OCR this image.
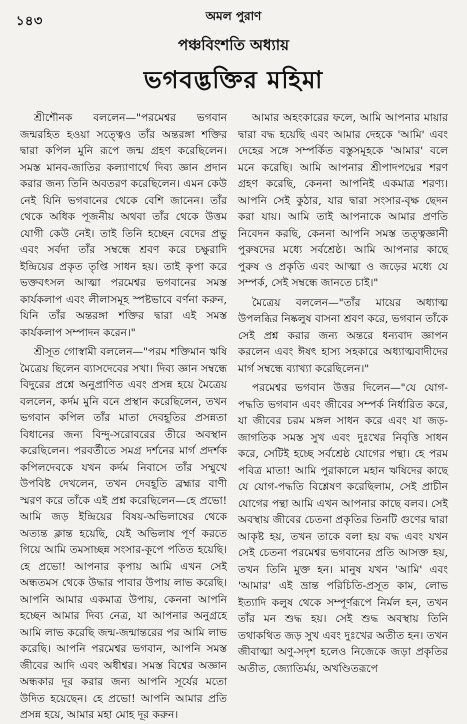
১৪৩	অমল পুরাণ
পঞ্চবিংশতি অধ্যায়
ভগবদ্ভক্তির মহিমা

শ্রীশৌনক বললেন—"পরমেশ্বর ভগবান জন্মরহিত হওয়া সত্ত্বেও তাঁর অন্তরঙ্গা শক্তির দ্বারা কপিল মুনি রূপে জন্ম গ্রহণ করেছিলেন। সমস্ত মানব-জাতির কল্যাণার্থে দিব্য জ্ঞান প্রদান করার জন্য তিনি অবতরণ করেছিলেন। এমন কেউ নেই যিনি ভগবানের থেকে বেশি জানেন। তাঁর থেকে অধিক পূজনীয় অথবা তাঁর থেকে উত্তম যোগী কেউ নেই। তাই তিনি হচ্ছেন বেদের প্রভু এবং সর্বদা তাঁর সম্বন্ধে শ্রবণ করে চক্ষুরাদি ইন্দ্রিয়ের প্রকৃত তৃপ্তি সাধন হয়। তাই কৃপা করে ভক্তবৎসল আত্মা পরমেশ্বর ভগবানের সমস্ত কার্যকলাপ এবং লীলাসমূহ স্পষ্টভাবে বর্ণনা করুন, যিনি তাঁর অন্তরঙ্গা শক্তির দ্বারা এই সমস্ত কার্যকলাপ সম্পাদন করেন।"

শ্রীসূত গোস্বামী বললেন—"পরম শক্তিমান ঋষি মৈত্রেয় ছিলেন ব্যাসদেবের সখা। দিব্য জ্ঞান সম্বন্ধে বিদুরের প্রশ্নে অনুপ্রাণিত এবং প্রসন্ন হয়ে মৈত্রেয় বললেন, কর্দম মুনি বনে প্রস্থান করেছিলেন, তখন ভগবান কপিল তাঁর মাতা দেবহূতির প্রসন্নতা বিধানের জন্য বিন্দু-সরোবরের তীরে অবস্থান করেছিলেন। পরবর্তীতে সমগ্র দর্শনের মার্গ প্রদর্শক কপিলদেবকে যখন কর্দম নিবাসে তাঁর সম্মুখে উপবিষ্ট দেখলেন, তখন দেবহূতি ব্রহ্মার বাণী স্মরণ করে তাঁকে এই প্রশ্ন করেছিলেন—হে প্রভো! আমি জড় ইন্দ্রিয়ের বিষয়-অভিলাষের থেকে অত্যন্ত ক্লান্ত হয়েছি, যেই অভিলাষ পূর্ণ করতে গিয়ে আমি তমসাচ্ছন্ন সংসার-কূপে পতিত হয়েছি। হে প্রভো! আপনার কৃপায় আমি এখন সেই অন্ধতমস থেকে উদ্ধার পাবার উপায় লাভ করেছি। আপনি আমার একমাত্র উপায়, কেননা আপনি হচ্ছেন আমার দিব্য নেত্র, যা আপনার অনুগ্রহে আমি লাভ করেছি জন্ম-জন্মান্তরের পর আমি লাভ করেছি। আপনি পরমেশ্বর ভগবান, আপনি সমস্ত জীবের আদি এবং অধীশ্বর। সমস্ত বিশ্বের অজ্ঞান অন্ধকার দূর করার জন্য আপনি সূর্যের মতো উদিত হয়েছেন। হে প্রভো! আপনি আমার প্রতি প্রসন্ন হয়ে, আমার মহা মোহ দূর করুন।

আমার অহংকারের ফলে, আমি আপনার মায়ার দ্বারা বদ্ধ হয়েছি এবং আমার দেহকে 'আমি' এবং দেহের সঙ্গে সম্পর্কিত বস্তুসমূহকে 'আমার' বলে মনে করেছি। আমি আপনার শ্রীপাদপদ্মের শরণ গ্রহণ করেছি, কেননা আপনিই একমাত্র শরণ্য। আপনি সেই কুঠার, যার দ্বারা সংসার-বৃক্ষ ছেদন করা যায়। আমি তাই আপনাকে আমার প্রণতি নিবেদন করছি, কেননা আপনি সমস্ত তত্ত্বজ্ঞানী পুরুষদের মধ্যে সর্বশ্রেষ্ঠ। আমি আপনার কাছে পুরুষ ও প্রকৃতি এবং আত্মা ও জড়ের মধ্যে যে সম্পর্ক, সেই সম্বন্ধে জানতে চাই।"

মৈত্রেয় বললেন—"তাঁর মায়ের অধ্যাত্ম উপলব্ধির নিষ্কলুষ বাসনা শ্রবণ করে, ভগবান তাঁকে সেই প্রশ্ন করার জন্য অন্তরে ধন্যবাদ জ্ঞাপন করলেন এবং ঈষৎ হাস্য সহকারে অধ্যাত্মবাদীদের মার্গ সম্বন্ধে ব্যাখ্যা করেছিলেন।"

পরমেশ্বর ভগবান উত্তর দিলেন—"যে যোগ-পদ্ধতি ভগবান এবং জীবের সম্পর্ক নির্ধারিত করে, যা জীবের চরম মঙ্গল সাধন করে এবং যা জড়-জাগতিক সমস্ত সুখ এবং দুঃখের নিবৃত্তি সাধন করে, সেটিই হচ্ছে সর্বশ্রেষ্ঠ যোগের পন্থা। হে পরম পবিত্র মাতা! আমি পুরাকালে মহান ঋষিদের কাছে যে যোগ-পদ্ধতি বিশ্লেষণ করেছিলাম, সেই প্রাচীন যোগের পন্থা আমি এখন আপনার কাছে বলব। সেই অবস্থায় জীবের চেতনা প্রকৃতির তিনটি গুণের দ্বারা আকৃষ্ট হয়, তখন তাকে বলা হয় বদ্ধ এবং যখন সেই চেতনা পরমেশ্বর ভগবানের প্রতি আসক্ত হয়, তখন তিনি মুক্ত হন। মানুষ যখন 'আমি' এবং 'আমার' এই ভ্রান্ত পরিচিতি-প্রসূত কাম, লোভ ইত্যাদি কলুষ থেকে সম্পূর্ণরূপে নির্মল হন, তখন তাঁর মন শুদ্ধ হয়। সেই শুদ্ধ অবস্থায় তিনি তথাকথিত জড় সুখ এবং দুঃখের অতীত হন। তখন জীবাত্মা অণু-সদৃশ হলেও নিজেকে জড়া প্রকৃতির অতীত, জ্যোতির্ময়, অখণ্ডিতরূপে
